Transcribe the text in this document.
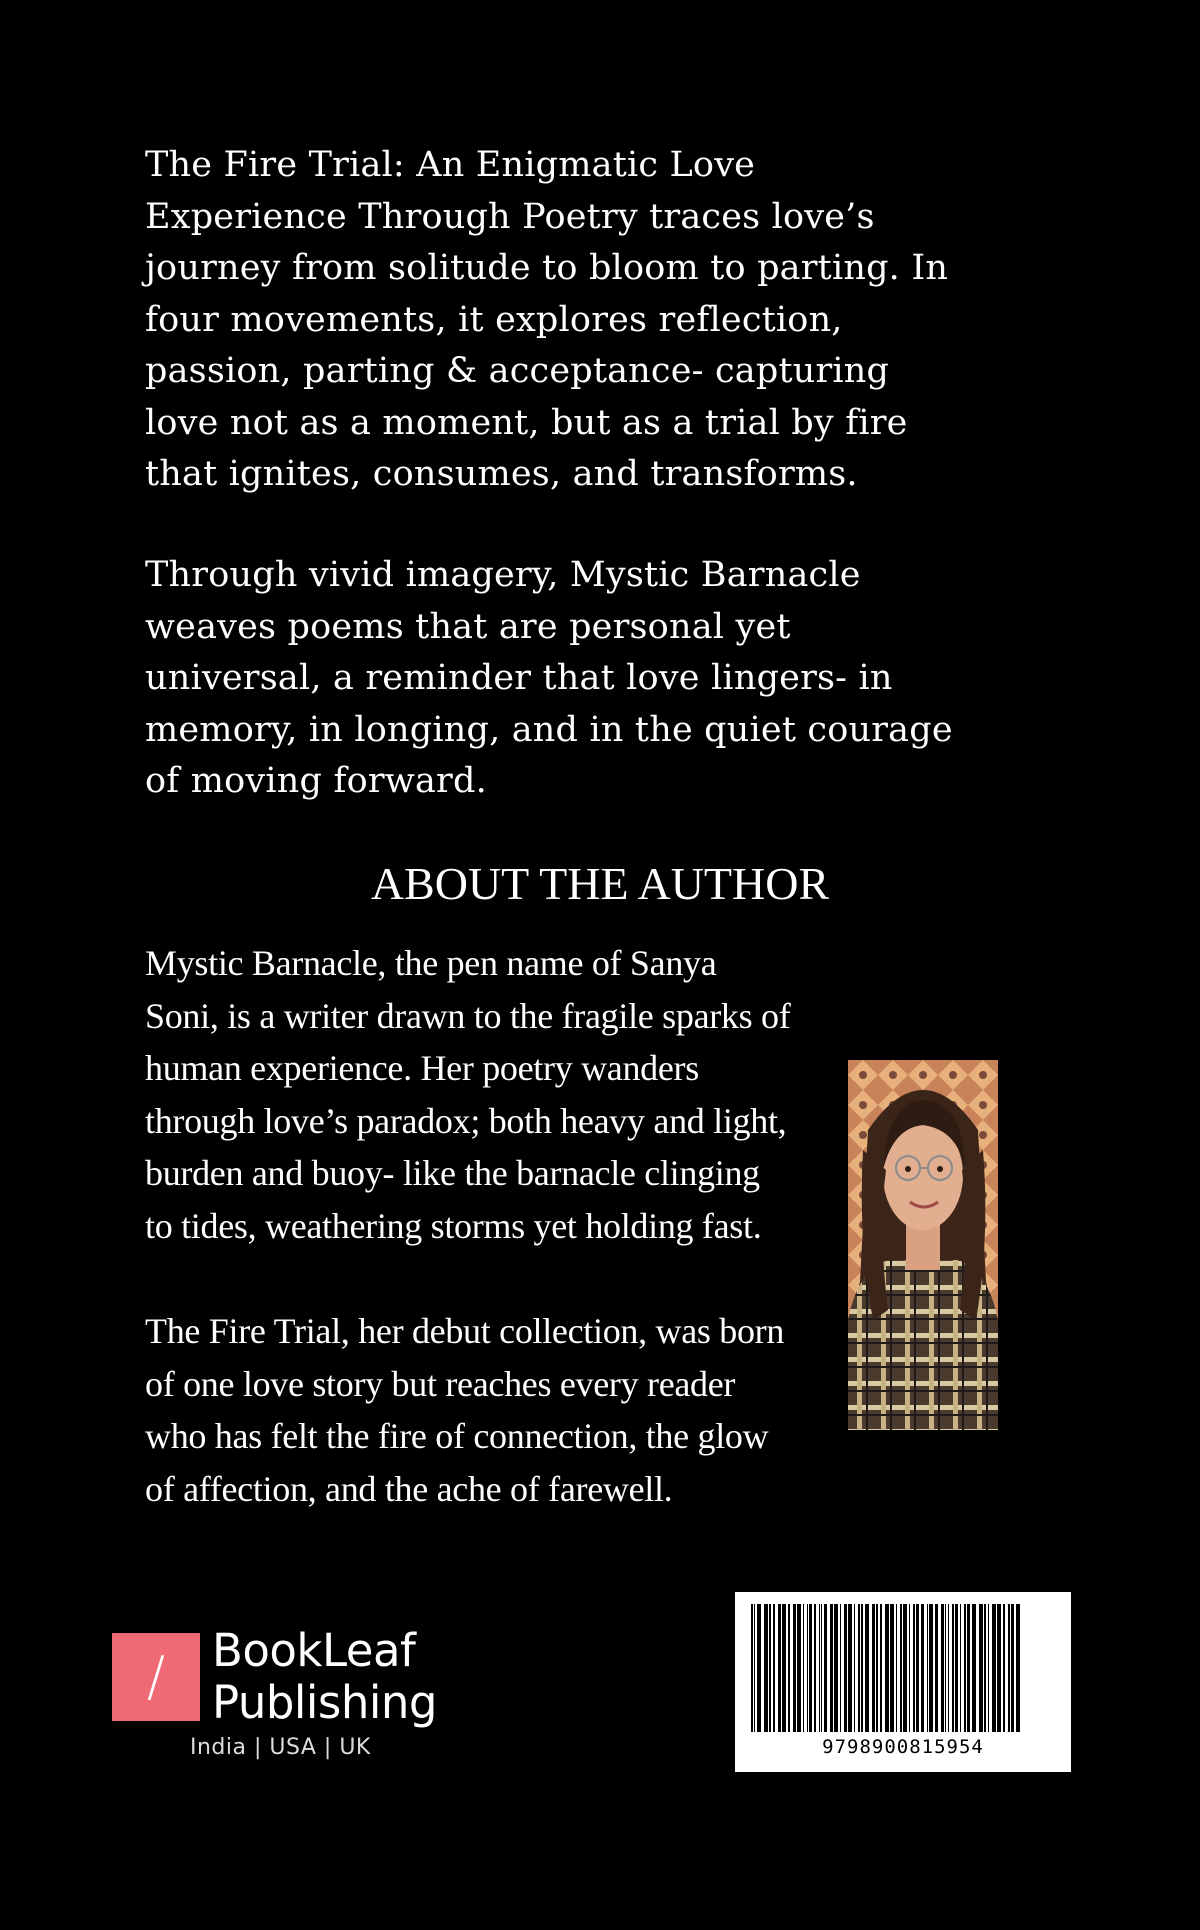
The Fire Trial: An Enigmatic Love
Experience Through Poetry traces love’s
journey from solitude to bloom to parting. In
four movements, it explores reflection,
passion, parting & acceptance- capturing
love not as a moment, but as a trial by fire
that ignites, consumes, and transforms.

Through vivid imagery, Mystic Barnacle
weaves poems that are personal yet
universal, a reminder that love lingers- in
memory, in longing, and in the quiet courage
of moving forward.

ABOUT THE AUTHOR

Mystic Barnacle, the pen name of Sanya
Soni, is a writer drawn to the fragile sparks of
human experience. Her poetry wanders
through love’s paradox; both heavy and light,
burden and buoy- like the barnacle clinging
to tides, weathering storms yet holding fast.

The Fire Trial, her debut collection, was born
of one love story but reaches every reader
who has felt the fire of connection, the glow
of affection, and the ache of farewell.

/	BookLeaf
Publishing
India | USA | UK	9798900815954
